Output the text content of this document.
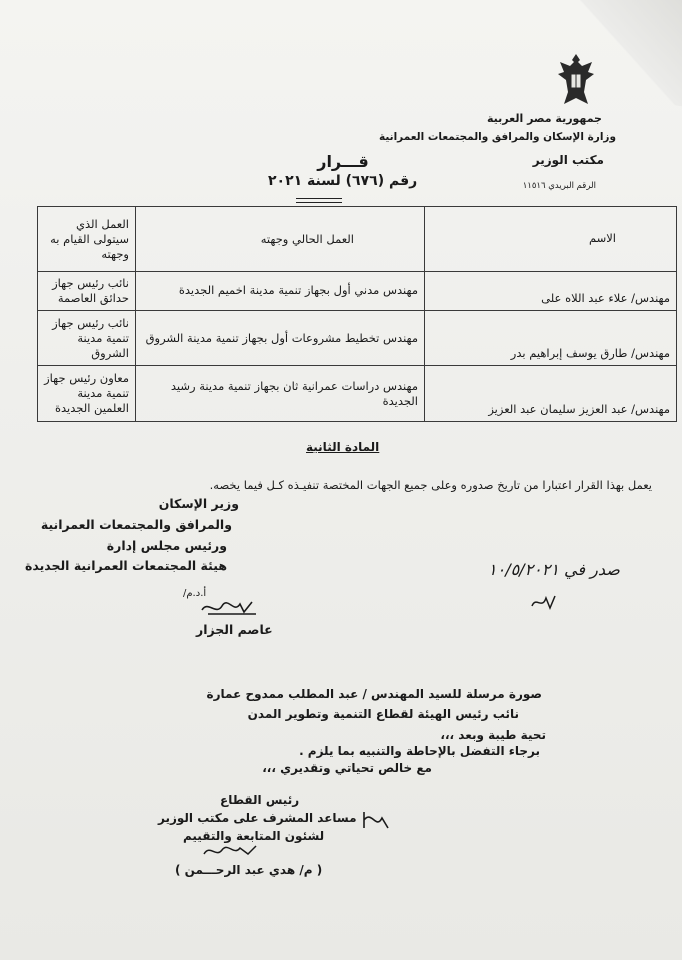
جمهورية مصر العربية
وزارة الإسكان والمرافق والمجتمعات العمرانية
مكتب الوزير
الرقم البريدي ١١٥١٦
قـــرار
رقم (٦٧٦) لسنة ٢٠٢١
الاسم	العمل الحالي وجهته	العمل الذي سيتولى القيام به وجهته
مهندس/ علاء عبد اللاه على	مهندس مدني أول بجهاز تنمية مدينة اخميم الجديدة	نائب رئيس جهاز حدائق العاصمة
مهندس/ طارق يوسف إبراهيم بدر	مهندس تخطيط مشروعات أول بجهاز تنمية مدينة الشروق	نائب رئيس جهاز تنمية مدينة الشروق
مهندس/ عبد العزيز سليمان عبد العزيز	مهندس دراسات عمرانية ثان بجهاز تنمية مدينة رشيد الجديدة	معاون رئيس جهاز تنمية مدينة العلمين الجديدة
المادة الثانية
يعمل بهذا القرار اعتبارا من تاريخ صدوره وعلى جميع الجهات المختصة تنفيـذه كـل فيما يخصه.
وزير الإسكان
والمرافق والمجتمعات العمرانية
ورئيس مجلس إدارة
هيئة المجتمعات العمرانية الجديدة
أ.د.م/
عاصم الجزار
صدر في ١٠/٥/٢٠٢١
صورة مرسلة للسيد المهندس / عبد المطلب ممدوح عمارة
نائب رئيس الهيئة لقطاع التنمية وتطوير المدن
تحية طيبة وبعد ،،،
برجاء التفضل بالإحاطة والتنبيه بما يلزم .
مع خالص تحياتي وتقديري ،،،
رئيس القطاع
مساعد المشرف على مكتب الوزير
لشئون المتابعة والتقييم
( م/ هدي عبد الرحـــمن )
